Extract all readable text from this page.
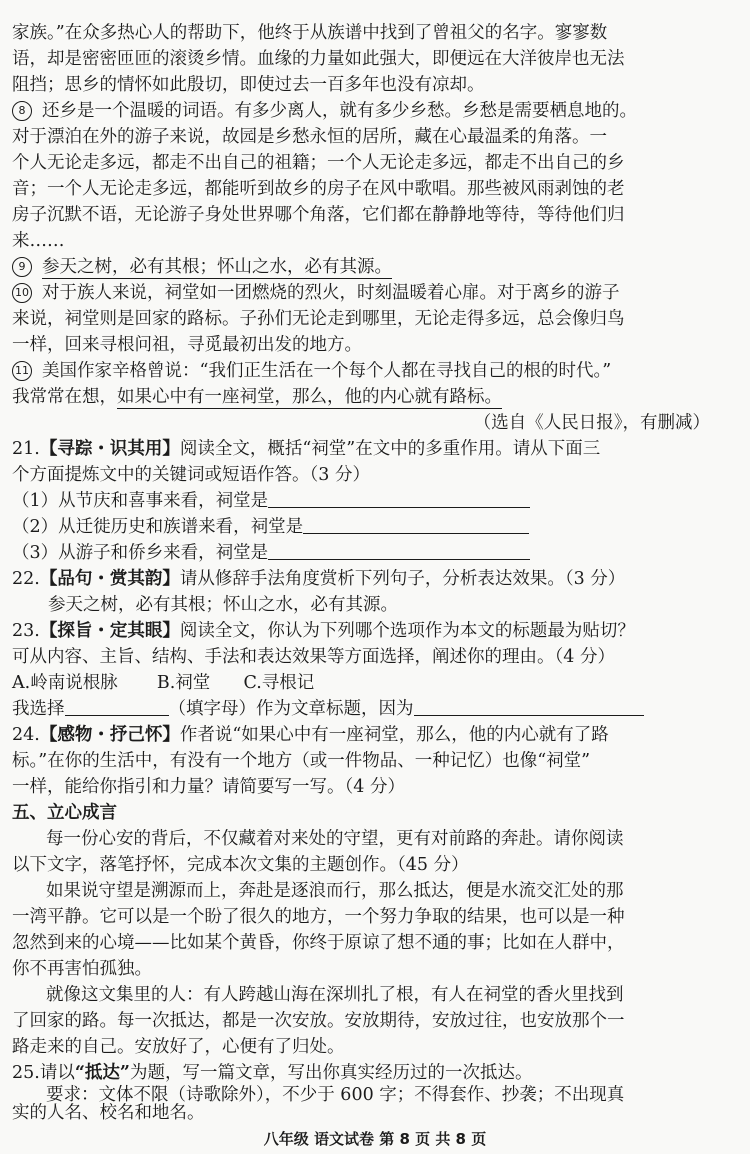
家族。”在众多热心人的帮助下，他终于从族谱中找到了曾祖父的名字。寥寥数
语，却是密密匝匝的滚烫乡情。血缘的力量如此强大，即便远在大洋彼岸也无法
阻挡；思乡的情怀如此殷切，即使过去一百多年也没有凉却。
8 还乡是一个温暖的词语。有多少离人，就有多少乡愁。乡愁是需要栖息地的。
对于漂泊在外的游子来说，故园是乡愁永恒的居所，藏在心最温柔的角落。一
个人无论走多远，都走不出自己的祖籍；一个人无论走多远，都走不出自己的乡
音；一个人无论走多远，都能听到故乡的房子在风中歌唱。那些被风雨剥蚀的老
房子沉默不语，无论游子身处世界哪个角落，它们都在静静地等待，等待他们归
来……
9 参天之树，必有其根；怀山之水，必有其源。
10 对于族人来说，祠堂如一团燃烧的烈火，时刻温暖着心扉。对于离乡的游子
来说，祠堂则是回家的路标。子孙们无论走到哪里，无论走得多远，总会像归鸟
一样，回来寻根问祖，寻觅最初出发的地方。
11 美国作家辛格曾说：“我们正生活在一个每个人都在寻找自己的根的时代。”
我常常在想，如果心中有一座祠堂，那么，他的内心就有路标。
（选自《人民日报》，有删减）
21.【寻踪・识其用】阅读全文，概括“祠堂”在文中的多重作用。请从下面三
个方面提炼文中的关键词或短语作答。（3 分）
（1）从节庆和喜事来看，祠堂是
（2）从迁徙历史和族谱来看，祠堂是
（3）从游子和侨乡来看，祠堂是
22.【品句・赏其韵】请从修辞手法角度赏析下列句子，分析表达效果。（3 分）
参天之树，必有其根；怀山之水，必有其源。
23.【探旨・定其眼】阅读全文，你认为下列哪个选项作为本文的标题最为贴切？
可从内容、主旨、结构、手法和表达效果等方面选择，阐述你的理由。（4 分）
A.岭南说根脉 B.祠堂 C.寻根记
我选择	（填字母）作为文章标题，因为
24.【感物・抒己怀】作者说“如果心中有一座祠堂，那么，他的内心就有了路
标。”在你的生活中，有没有一个地方（或一件物品、一种记忆）也像“祠堂”
一样，能给你指引和力量？请简要写一写。（4 分）
五、立心成言
每一份心安的背后，不仅藏着对来处的守望，更有对前路的奔赴。请你阅读
以下文字，落笔抒怀，完成本次文集的主题创作。（45 分）
如果说守望是溯源而上，奔赴是逐浪而行，那么抵达，便是水流交汇处的那
一湾平静。它可以是一个盼了很久的地方，一个努力争取的结果，也可以是一种
忽然到来的心境——比如某个黄昏，你终于原谅了想不通的事；比如在人群中，
你不再害怕孤独。
就像这文集里的人：有人跨越山海在深圳扎了根，有人在祠堂的香火里找到
了回家的路。每一次抵达，都是一次安放。安放期待，安放过往，也安放那个一
路走来的自己。安放好了，心便有了归处。
25.请以“抵达”为题，写一篇文章，写出你真实经历过的一次抵达。
要求：文体不限（诗歌除外），不少于 600 字；不得套作、抄袭；不出现真
八年级 语文试卷 第 8 页 共 8 页
实的人名、校名和地名。
